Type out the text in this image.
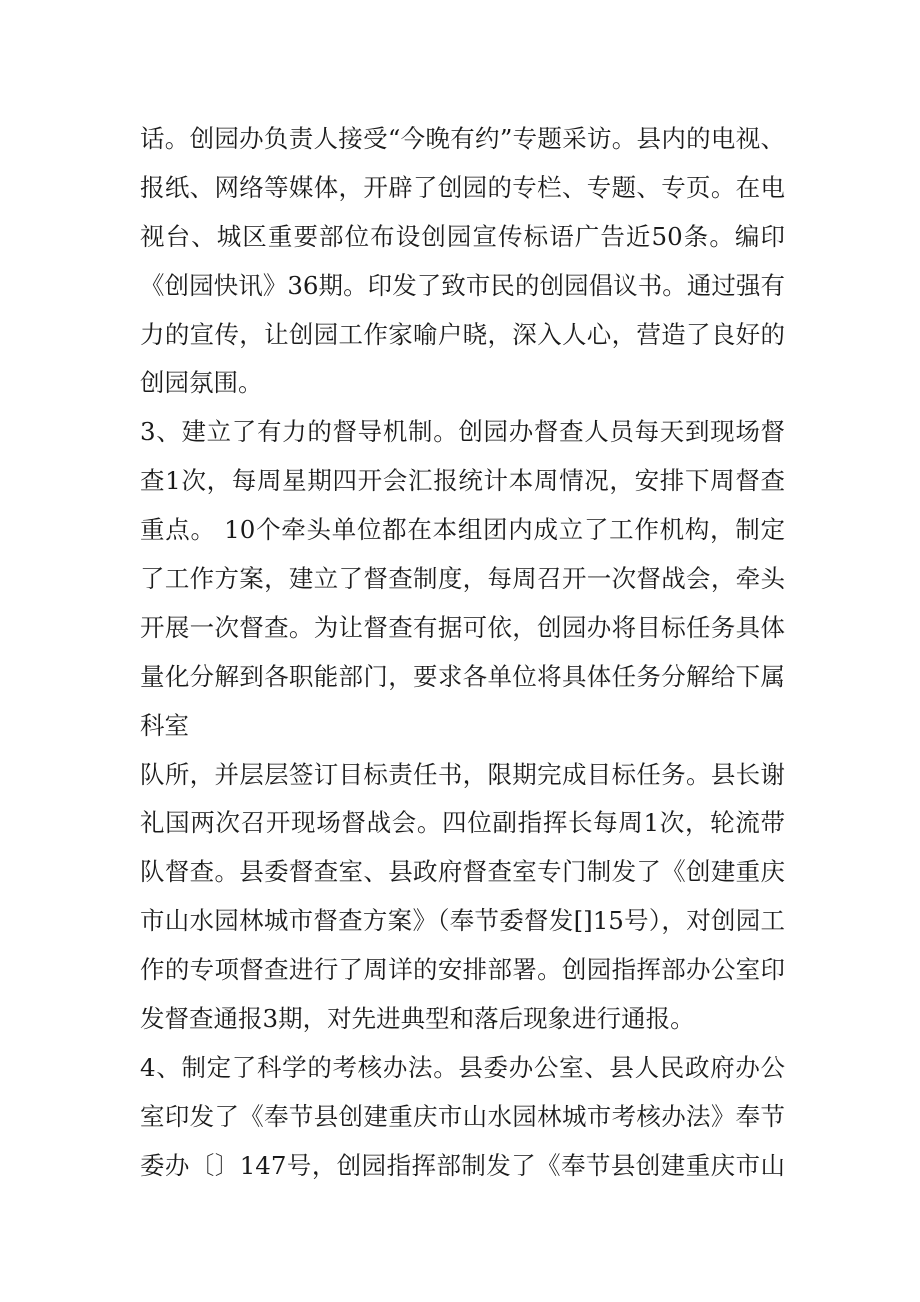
话。创园办负责人接受“今晚有约”专题采访。县内的电视、
报纸、网络等媒体，开辟了创园的专栏、专题、专页。在电
视台、城区重要部位布设创园宣传标语广告近50条。编印
《创园快讯》36期。印发了致市民的创园倡议书。通过强有
力的宣传，让创园工作家喻户晓，深入人心，营造了良好的
创园氛围。
3、建立了有力的督导机制。创园办督查人员每天到现场督
查1次，每周星期四开会汇报统计本周情况，安排下周督查
重点。 10个牵头单位都在本组团内成立了工作机构，制定
了工作方案，建立了督查制度，每周召开一次督战会，牵头
开展一次督查。为让督查有据可依，创园办将目标任务具体
量化分解到各职能部门，要求各单位将具体任务分解给下属
科室
队所，并层层签订目标责任书，限期完成目标任务。县长谢
礼国两次召开现场督战会。四位副指挥长每周1次，轮流带
队督查。县委督查室、县政府督查室专门制发了《创建重庆
市山水园林城市督查方案》（奉节委督发[]15号），对创园工
作的专项督查进行了周详的安排部署。创园指挥部办公室印
发督查通报3期，对先进典型和落后现象进行通报。
4、制定了科学的考核办法。县委办公室、县人民政府办公
室印发了《奉节县创建重庆市山水园林城市考核办法》奉节
委办〔〕147号，创园指挥部制发了《奉节县创建重庆市山
